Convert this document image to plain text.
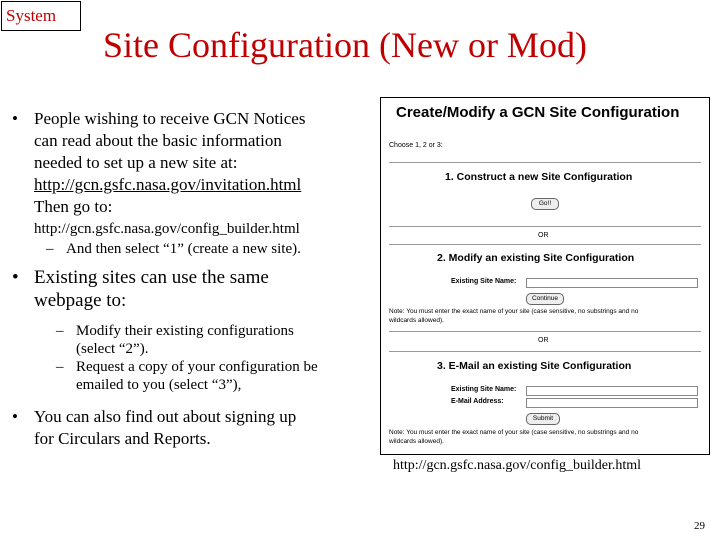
System
Site Configuration (New or Mod)
• People wishing to receive GCN Notices
can read about the basic information
needed to set up a new site at:
http://gcn.gsfc.nasa.gov/invitation.html
Then go to:
http://gcn.gsfc.nasa.gov/config_builder.html
– And then select “1” (create a new site).
• Existing sites can use the same
webpage to:
– Modify their existing configurations
(select “2”).
– Request a copy of your configuration be
emailed to you (select “3”),
• You can also find out about signing up
for Circulars and Reports.
Create/Modify a GCN Site Configuration
Choose 1, 2 or 3:
1. Construct a new Site Configuration
Go!!
OR
2. Modify an existing Site Configuration
Existing Site Name:
Continue
Note: You must enter the exact name of your site (case sensitive, no substrings and no
wildcards allowed).
OR
3. E-Mail an existing Site Configuration
Existing Site Name:
E-Mail Address:
Submit
Note: You must enter the exact name of your site (case sensitive, no substrings and no
wildcards allowed).
http://gcn.gsfc.nasa.gov/config_builder.html
29
